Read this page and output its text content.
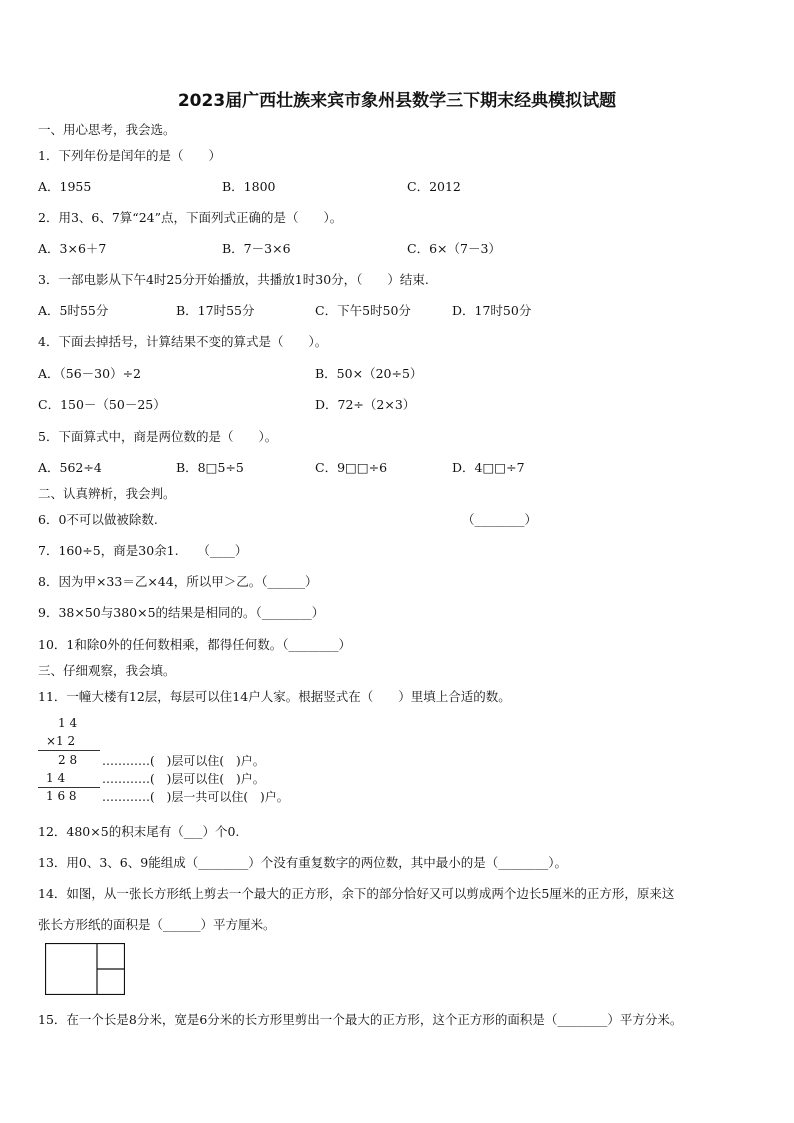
2023届广西壮族来宾市象州县数学三下期末经典模拟试题
一、用心思考，我会选。
1．下列年份是闰年的是（　　）
A．1955	B．1800	C．2012
2．用3、6、7算“24”点，下面列式正确的是（　　）。
A．3×6＋7	B．7－3×6	C．6×（7－3）
3．一部电影从下午4时25分开始播放，共播放1时30分，（　　）结束.
A．5时55分	B．17时55分	C．下午5时50分	D．17时50分
4．下面去掉括号，计算结果不变的算式是（　　）。
A．（56－30）÷2	B．50×（20÷5）
C．150－（50－25）	D．72÷（2×3）
5．下面算式中，商是两位数的是（　　）。
A．562÷4	B．8□5÷5	C．9□□÷6	D．4□□÷7
二、认真辨析，我会判。
6．0不可以做被除数.	（________）
7．160÷5，商是30余1.　　（____）
8．因为甲×33＝乙×44，所以甲＞乙。（______）
9．38×50与380×5的结果是相同的。（________）
10．1和除0外的任何数相乘，都得任何数。（________）
三、仔细观察，我会填。
11．一幢大楼有12层，每层可以住14户人家。根据竖式在（　　）里填上合适的数。
1 4
×1 2
2 8
1 4
1 6 8
…………(　)层可以住(　)户。
…………(　)层可以住(　)户。
…………(　)层一共可以住(　)户。
12．480×5的积末尾有（___）个0.
13．用0、3、6、9能组成（________）个没有重复数字的两位数，其中最小的是（________）。
14．如图，从一张长方形纸上剪去一个最大的正方形，余下的部分恰好又可以剪成两个边长5厘米的正方形，原来这
张长方形纸的面积是（______）平方厘米。
15．在一个长是8分米，宽是6分米的长方形里剪出一个最大的正方形，这个正方形的面积是（________）平方分米。
